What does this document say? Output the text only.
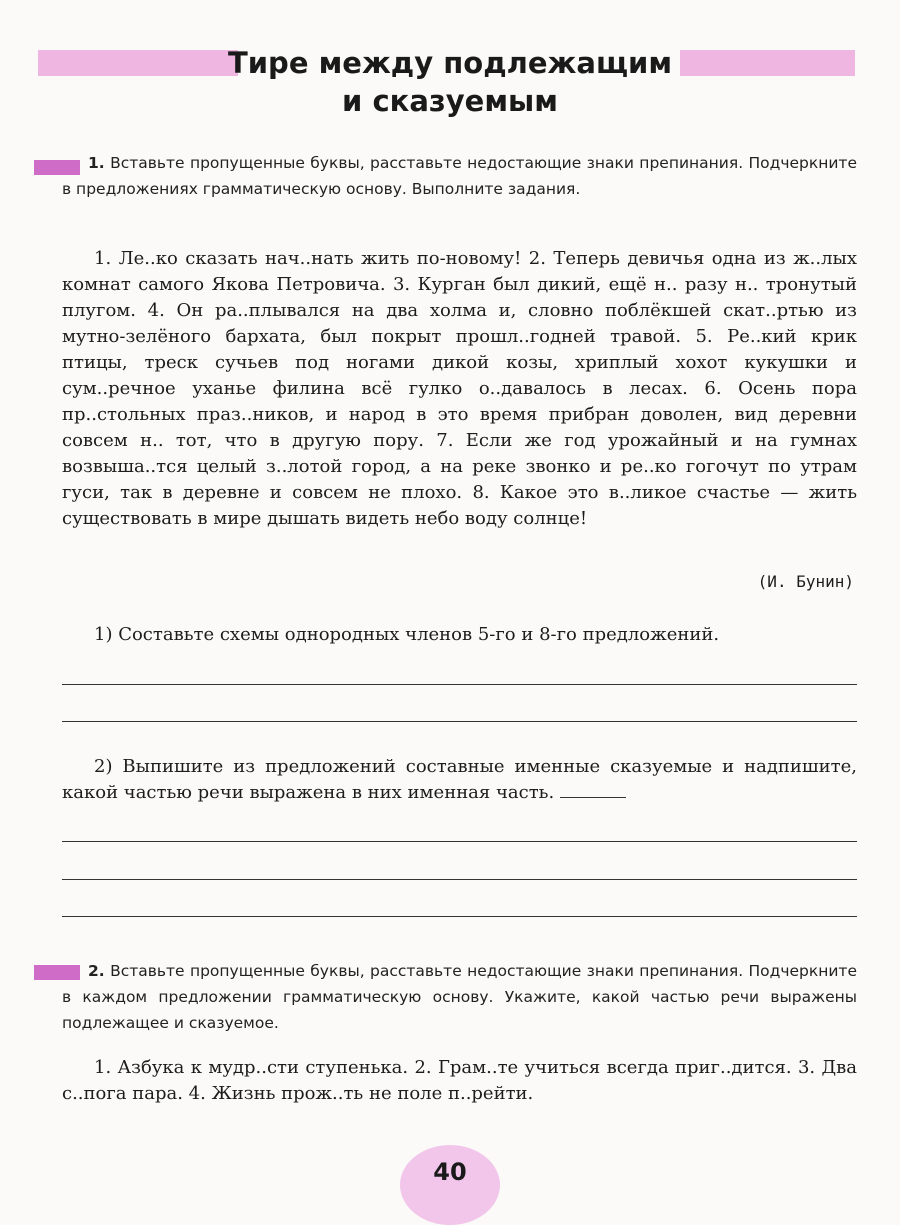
Тире между подлежащим
и сказуемым

1. Вставьте пропущенные буквы, расставьте недостающие знаки препинания. Подчеркните в предложениях грамматическую основу. Выполните задания.

1. Ле..ко сказать нач..нать жить по-новому! 2. Теперь девичья одна из ж..лых комнат самого Якова Петровича. 3. Курган был дикий, ещё н.. разу н.. тронутый плугом. 4. Он ра..плывался на два холма и, словно поблёкшей скат..ртью из мутно-зелёного бархата, был покрыт прошл..годней травой. 5. Ре..кий крик птицы, треск сучьев под ногами дикой козы, хриплый хохот кукушки и сум..речное уханье филина всё гулко о..давалось в лесах. 6. Осень пора пр..стольных праз..ников, и народ в это время прибран доволен, вид деревни совсем н.. тот, что в другую пору. 7. Если же год урожайный и на гумнах возвыша..тся целый з..лотой город, а на реке звонко и ре..ко гогочут по утрам гуси, так в деревне и совсем не плохо. 8. Какое это в..ликое счастье — жить существовать в мире дышать видеть небо воду солнце!

(И. Бунин)

1) Составьте схемы однородных членов 5-го и 8-го предложений.

2) Выпишите из предложений составные именные сказуемые и надпишите, какой частью речи выражена в них именная часть.

2. Вставьте пропущенные буквы, расставьте недостающие знаки препинания. Подчеркните в каждом предложении грамматическую основу. Укажите, какой частью речи выражены подлежащее и сказуемое.

1. Азбука к мудр..сти ступенька. 2. Грам..те учиться всегда приг..дится. 3. Два с..пога пара. 4. Жизнь прож..ть не поле п..рейти.

40
